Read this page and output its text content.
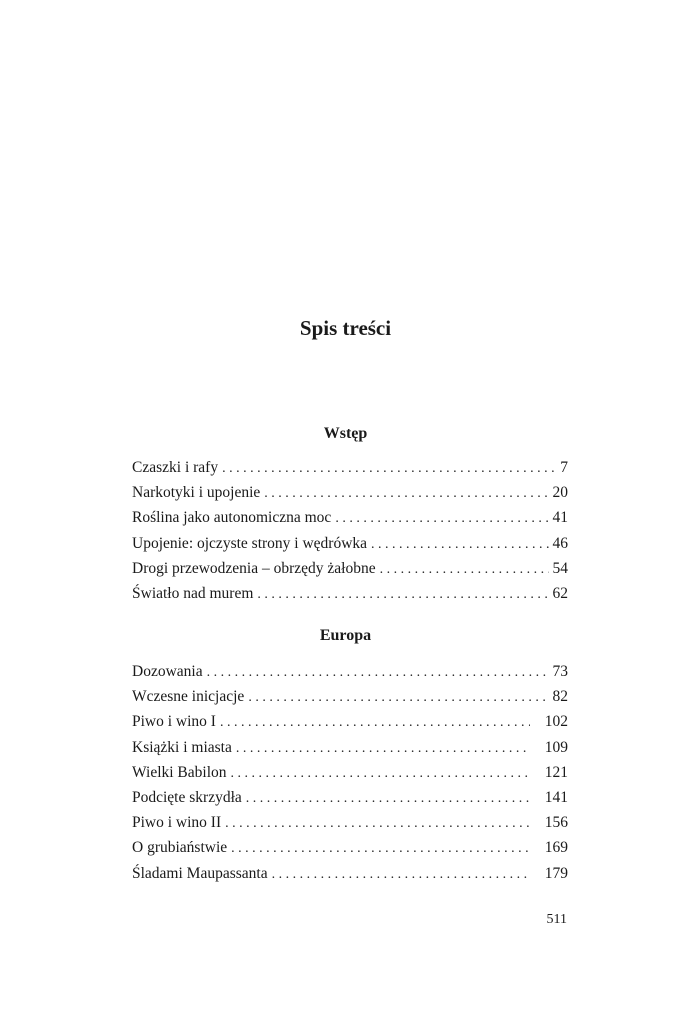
Spis treści
Wstęp
Czaszki i rafy . . .	7
Narkotyki i upojenie . . .	20
Roślina jako autonomiczna moc . . .	41
Upojenie: ojczyste strony i wędrówka . . .	46
Drogi przewodzenia – obrzędy żałobne . . .	54
Światło nad murem . . .	62
Europa
Dozowania . . .	73
Wczesne inicjacje . . .	82
Piwo i wino I . . .	102
Książki i miasta . . .	109
Wielki Babilon . . .	121
Podcięte skrzydła . . .	141
Piwo i wino II . . .	156
O grubiaństwie . . .	169
Śladami Maupassanta . . .	179

511
